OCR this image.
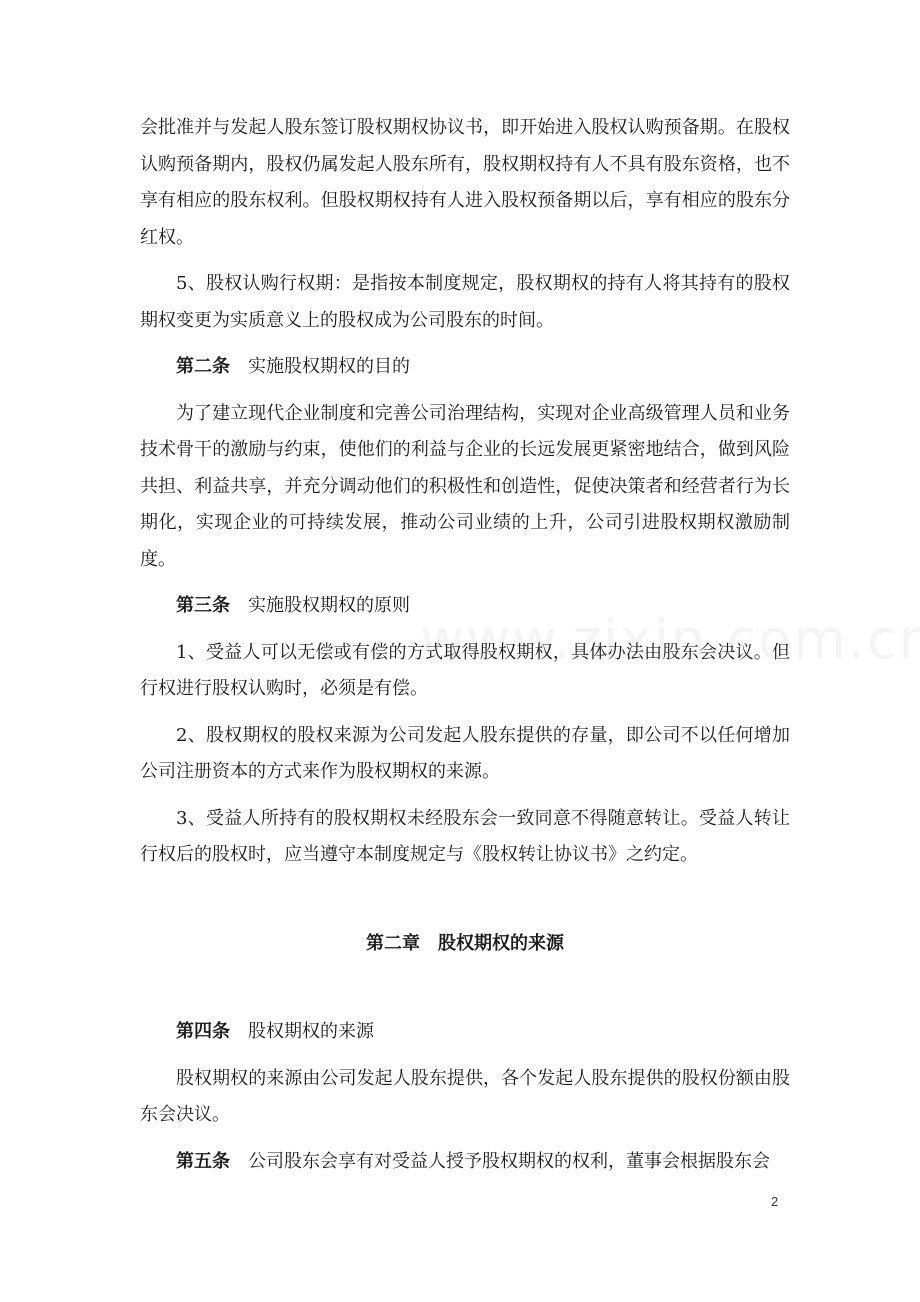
会批准并与发起人股东签订股权期权协议书，即开始进入股权认购预备期。在股权认购预备期内，股权仍属发起人股东所有，股权期权持有人不具有股东资格，也不享有相应的股东权利。但股权期权持有人进入股权预备期以后，享有相应的股东分红权。

5、股权认购行权期：是指按本制度规定，股权期权的持有人将其持有的股权期权变更为实质意义上的股权成为公司股东的时间。

第二条 实施股权期权的目的

为了建立现代企业制度和完善公司治理结构，实现对企业高级管理人员和业务技术骨干的激励与约束，使他们的利益与企业的长远发展更紧密地结合，做到风险共担、利益共享，并充分调动他们的积极性和创造性，促使决策者和经营者行为长期化，实现企业的可持续发展，推动公司业绩的上升，公司引进股权期权激励制度。

第三条 实施股权期权的原则

1、受益人可以无偿或有偿的方式取得股权期权，具体办法由股东会决议。但行权进行股权认购时，必须是有偿。

2、股权期权的股权来源为公司发起人股东提供的存量，即公司不以任何增加公司注册资本的方式来作为股权期权的来源。

3、受益人所持有的股权期权未经股东会一致同意不得随意转让。受益人转让行权后的股权时，应当遵守本制度规定与《股权转让协议书》之约定。

第二章 股权期权的来源

第四条 股权期权的来源

股权期权的来源由公司发起人股东提供，各个发起人股东提供的股权份额由股东会决议。

第五条 公司股东会享有对受益人授予股权期权的权利，董事会根据股东会

2
